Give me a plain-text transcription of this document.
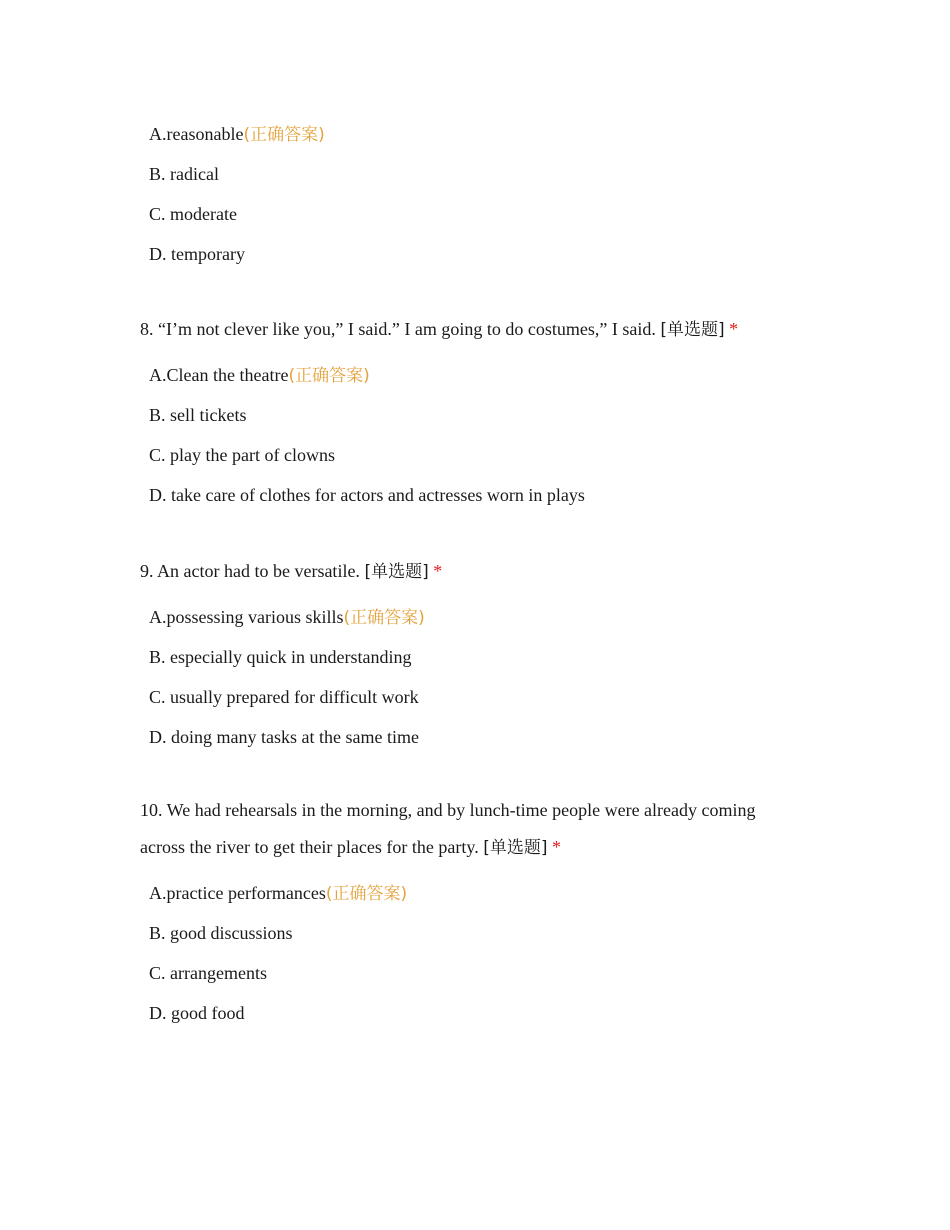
A.reasonable(正确答案)
B. radical
C. moderate
D. temporary
8. “I’m not clever like you,” I said.” I am going to do costumes,” I said. [单选题] *
A.Clean the theatre(正确答案)
B. sell tickets
C. play the part of clowns
D. take care of clothes for actors and actresses worn in plays
9. An actor had to be versatile. [单选题] *
A.possessing various skills(正确答案)
B. especially quick in understanding
C. usually prepared for difficult work
D. doing many tasks at the same time
10. We had rehearsals in the morning, and by lunch-time people were already coming across the river to get their places for the party. [单选题] *
A.practice performances(正确答案)
B. good discussions
C. arrangements
D. good food
